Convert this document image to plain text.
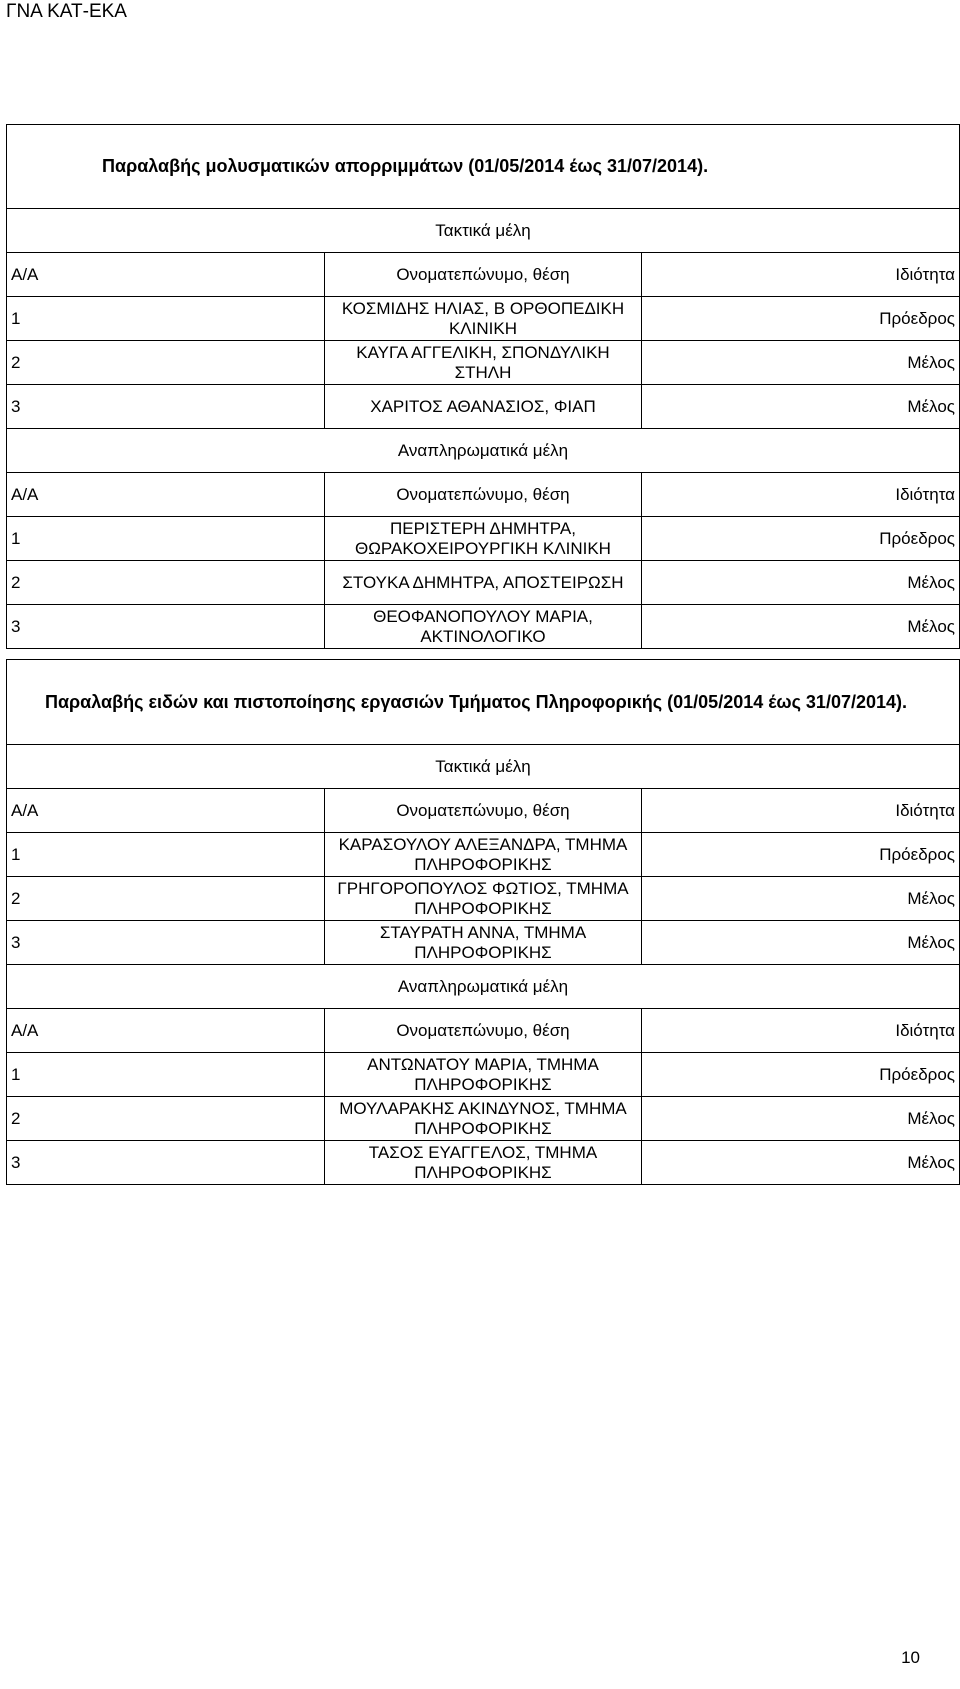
ΓΝΑ ΚΑΤ-ΕΚΑ
Παραλαβής μολυσματικών απορριμμάτων (01/05/2014 έως 31/07/2014).		
Τακτικά μέλη		
Α/Α	Ονοματεπώνυμο, θέση	Ιδιότητα
1	ΚΟΣΜΙΔΗΣ ΗΛΙΑΣ, Β ΟΡΘΟΠΕΔΙΚΗ ΚΛΙΝΙΚΗ	Πρόεδρος
2	ΚΑΥΓΑ ΑΓΓΕΛΙΚΗ, ΣΠΟΝΔΥΛΙΚΗ ΣΤΗΛΗ	Μέλος
3	ΧΑΡΙΤΟΣ ΑΘΑΝΑΣΙΟΣ, ΦΙΑΠ	Μέλος
Αναπληρωματικά μέλη		
Α/Α	Ονοματεπώνυμο, θέση	Ιδιότητα
1	ΠΕΡΙΣΤΕΡΗ ΔΗΜΗΤΡΑ, ΘΩΡΑΚΟΧΕΙΡΟΥΡΓΙΚΗ ΚΛΙΝΙΚΗ	Πρόεδρος
2	ΣΤΟΥΚΑ ΔΗΜΗΤΡΑ, ΑΠΟΣΤΕΙΡΩΣΗ	Μέλος
3	ΘΕΟΦΑΝΟΠΟΥΛΟΥ ΜΑΡΙΑ, ΑΚΤΙΝΟΛΟΓΙΚΟ	Μέλος
Παραλαβής ειδών και πιστοποίησης εργασιών Τμήματος Πληροφορικής (01/05/2014 έως 31/07/2014).		
Τακτικά μέλη		
Α/Α	Ονοματεπώνυμο, θέση	Ιδιότητα
1	ΚΑΡΑΣΟΥΛΟΥ ΑΛΕΞΑΝΔΡΑ, ΤΜΗΜΑ ΠΛΗΡΟΦΟΡΙΚΗΣ	Πρόεδρος
2	ΓΡΗΓΟΡΟΠΟΥΛΟΣ ΦΩΤΙΟΣ, ΤΜΗΜΑ ΠΛΗΡΟΦΟΡΙΚΗΣ	Μέλος
3	ΣΤΑΥΡΑΤΗ ΑΝΝΑ, ΤΜΗΜΑ ΠΛΗΡΟΦΟΡΙΚΗΣ	Μέλος
Αναπληρωματικά μέλη		
Α/Α	Ονοματεπώνυμο, θέση	Ιδιότητα
1	ΑΝΤΩΝΑΤΟΥ ΜΑΡΙΑ, ΤΜΗΜΑ ΠΛΗΡΟΦΟΡΙΚΗΣ	Πρόεδρος
2	ΜΟΥΛΑΡΑΚΗΣ ΑΚΙΝΔΥΝΟΣ, ΤΜΗΜΑ ΠΛΗΡΟΦΟΡΙΚΗΣ	Μέλος
3	ΤΑΣΟΣ ΕΥΑΓΓΕΛΟΣ, ΤΜΗΜΑ ΠΛΗΡΟΦΟΡΙΚΗΣ	Μέλος
10
